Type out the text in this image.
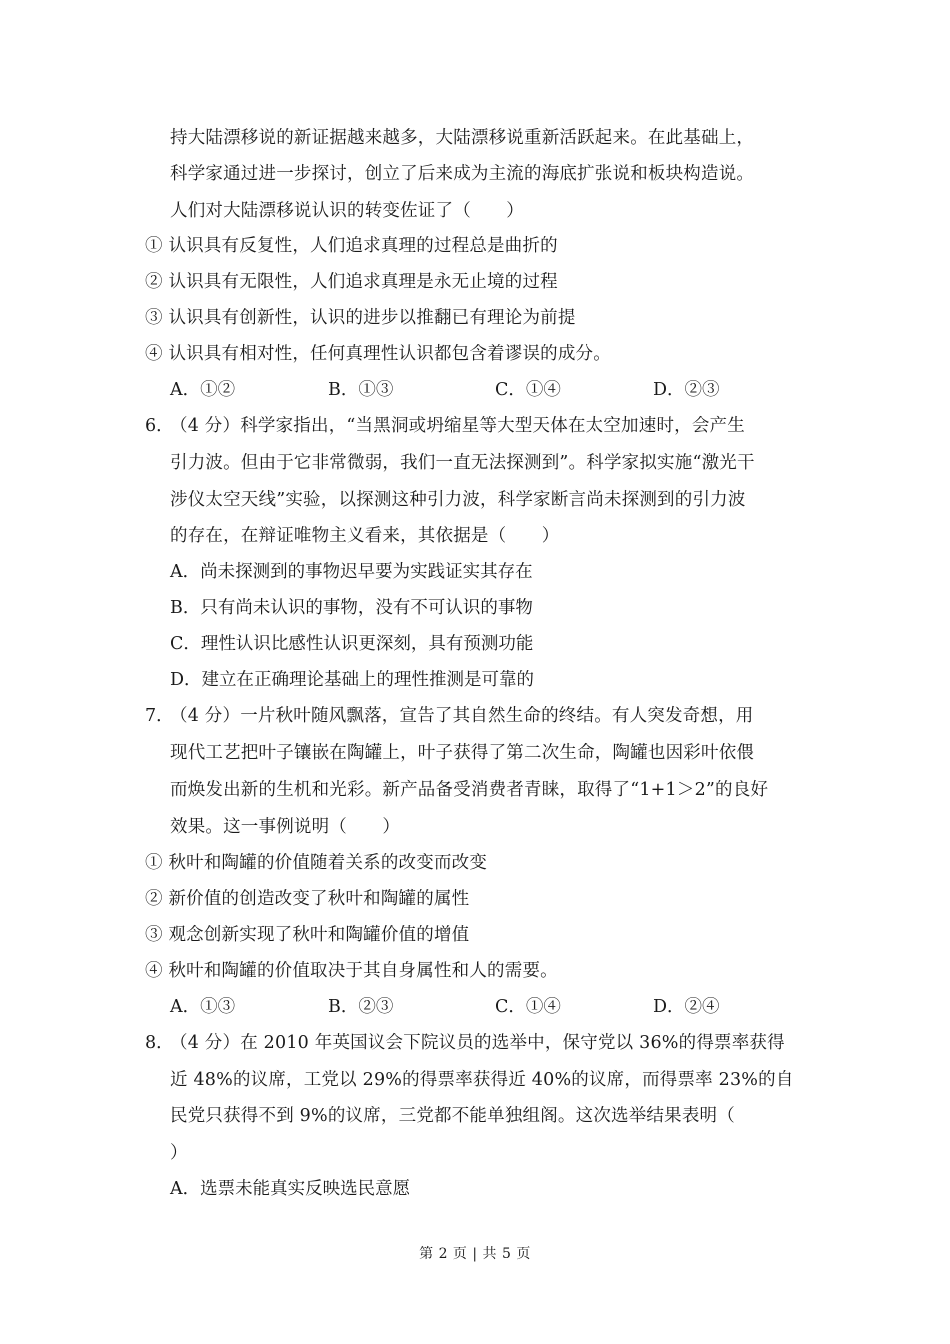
持大陆漂移说的新证据越来越多，大陆漂移说重新活跃起来。在此基础上，
科学家通过进一步探讨，创立了后来成为主流的海底扩张说和板块构造说。
人们对大陆漂移说认识的转变佐证了（　　）
① 认识具有反复性，人们追求真理的过程总是曲折的
② 认识具有无限性，人们追求真理是永无止境的过程
③ 认识具有创新性，认识的进步以推翻已有理论为前提
④ 认识具有相对性，任何真理性认识都包含着谬误的成分。
A．①②	B．①③	C．①④	D．②③
6．
（4 分）科学家指出，“当黑洞或坍缩星等大型天体在太空加速时，会产生
引力波。但由于它非常微弱，我们一直无法探测到”。科学家拟实施“激光干
涉仪太空天线”实验，以探测这种引力波，科学家断言尚未探测到的引力波
的存在，在辩证唯物主义看来，其依据是（　　）
A．尚未探测到的事物迟早要为实践证实其存在
B．只有尚未认识的事物，没有不可认识的事物
C．理性认识比感性认识更深刻，具有预测功能
D．建立在正确理论基础上的理性推测是可靠的
7．
（4 分）一片秋叶随风飘落，宣告了其自然生命的终结。有人突发奇想，用
现代工艺把叶子镶嵌在陶罐上，叶子获得了第二次生命，陶罐也因彩叶依偎
而焕发出新的生机和光彩。新产品备受消费者青睐，取得了“1+1＞2”的良好
效果。这一事例说明（　　）
① 秋叶和陶罐的价值随着关系的改变而改变
② 新价值的创造改变了秋叶和陶罐的属性
③ 观念创新实现了秋叶和陶罐价值的增值
④ 秋叶和陶罐的价值取决于其自身属性和人的需要。
A．①③	B．②③	C．①④	D．②④
8．
（4 分）在 2010 年英国议会下院议员的选举中，保守党以 36%的得票率获得
近 48%的议席，工党以 29%的得票率获得近 40%的议席，而得票率 23%的自
民党只获得不到 9%的议席，三党都不能单独组阁。这次选举结果表明（
）
A．选票未能真实反映选民意愿
第 2 页 | 共 5 页
